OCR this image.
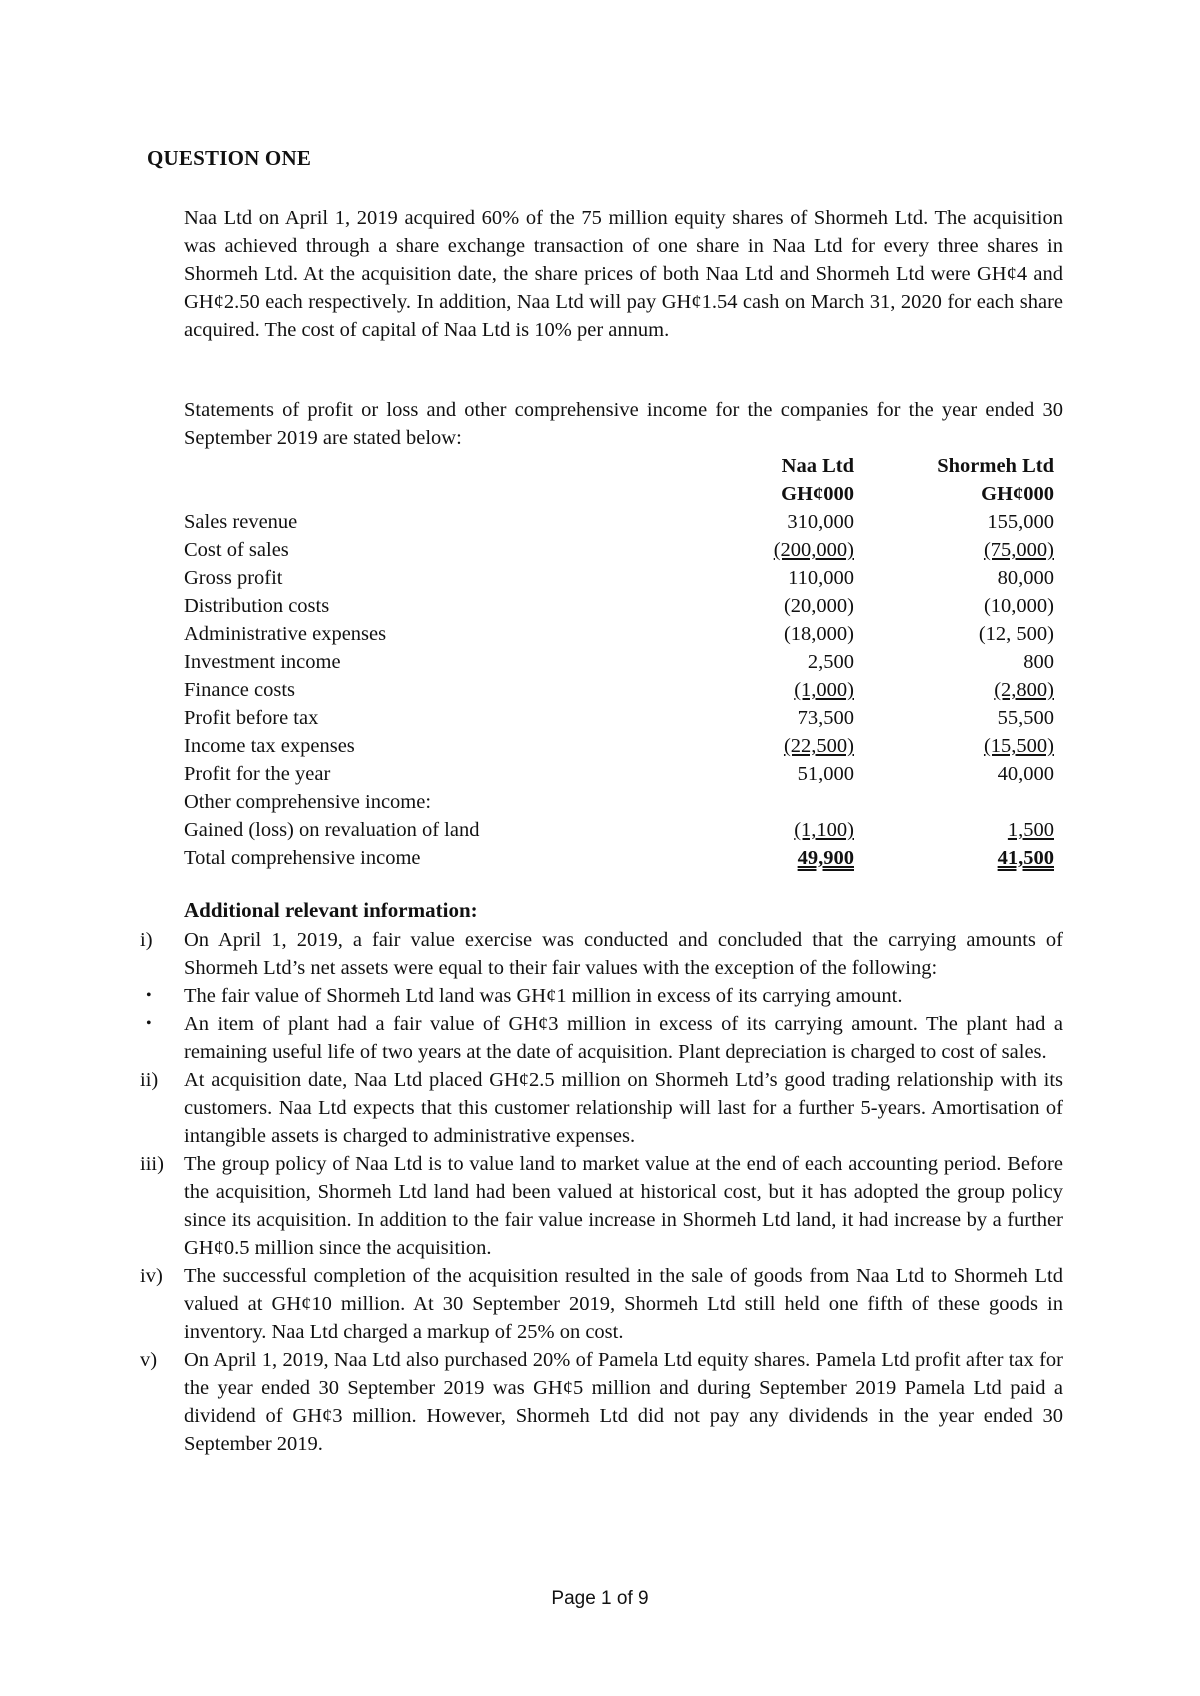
QUESTION ONE
Naa Ltd on April 1, 2019 acquired 60% of the 75 million equity shares of Shormeh Ltd. The acquisition was achieved through a share exchange transaction of one share in Naa Ltd for every three shares in Shormeh Ltd. At the acquisition date, the share prices of both Naa Ltd and Shormeh Ltd were GH¢4 and GH¢2.50 each respectively. In addition, Naa Ltd will pay GH¢1.54 cash on March 31, 2020 for each share acquired. The cost of capital of Naa Ltd is 10% per annum.
Statements of profit or loss and other comprehensive income for the companies for the year ended 30 September 2019 are stated below:
Naa Ltd	Shormeh Ltd
GH¢000	GH¢000
Sales revenue	310,000	155,000
Cost of sales	(200,000)	(75,000)
Gross profit	110,000	80,000
Distribution costs	(20,000)	(10,000)
Administrative expenses	(18,000)	(12, 500)
Investment income	2,500	800
Finance costs	(1,000)	(2,800)
Profit before tax	73,500	55,500
Income tax expenses	(22,500)	(15,500)
Profit for the year	51,000	40,000
Other comprehensive income:
Gained (loss) on revaluation of land	(1,100)	1,500
Total comprehensive income	49,900	41,500
Additional relevant information:
i) On April 1, 2019, a fair value exercise was conducted and concluded that the carrying amounts of Shormeh Ltd’s net assets were equal to their fair values with the exception of the following:
• The fair value of Shormeh Ltd land was GH¢1 million in excess of its carrying amount.
• An item of plant had a fair value of GH¢3 million in excess of its carrying amount. The plant had a remaining useful life of two years at the date of acquisition. Plant depreciation is charged to cost of sales.
ii) At acquisition date, Naa Ltd placed GH¢2.5 million on Shormeh Ltd’s good trading relationship with its customers. Naa Ltd expects that this customer relationship will last for a further 5-years. Amortisation of intangible assets is charged to administrative expenses.
iii) The group policy of Naa Ltd is to value land to market value at the end of each accounting period. Before the acquisition, Shormeh Ltd land had been valued at historical cost, but it has adopted the group policy since its acquisition. In addition to the fair value increase in Shormeh Ltd land, it had increase by a further GH¢0.5 million since the acquisition.
iv) The successful completion of the acquisition resulted in the sale of goods from Naa Ltd to Shormeh Ltd valued at GH¢10 million. At 30 September 2019, Shormeh Ltd still held one fifth of these goods in inventory. Naa Ltd charged a markup of 25% on cost.
v) On April 1, 2019, Naa Ltd also purchased 20% of Pamela Ltd equity shares. Pamela Ltd profit after tax for the year ended 30 September 2019 was GH¢5 million and during September 2019 Pamela Ltd paid a dividend of GH¢3 million. However, Shormeh Ltd did not pay any dividends in the year ended 30 September 2019.
Page 1 of 9
